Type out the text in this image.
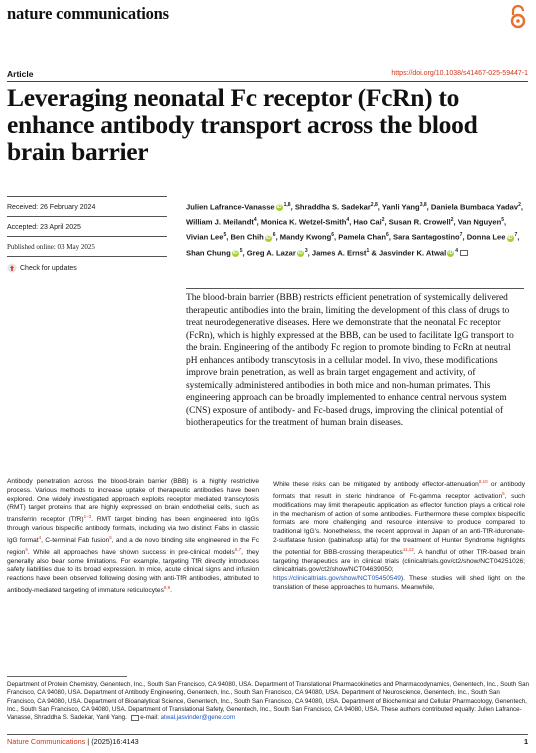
nature communications
Article	https://doi.org/10.1038/s41467-025-59447-1
Leveraging neonatal Fc receptor (FcRn) to enhance antibody transport across the blood brain barrier
Received: 26 February 2024
Accepted: 23 April 2025
Published online: 03 May 2025
Check for updates
Julien Lafrance-Vanasse iD $^{1,8}$, Shraddha S. Sadekar$^{2,8}$, Yanli Yang$^{3,8}$, Daniela Bumbaca Yadav$^2$, William J. Meilandt$^4$, Monica K. Wetzel-Smith$^4$, Hao Cai$^2$, Susan R. Crowell$^2$, Van Nguyen$^5$, Vivian Lee$^5$, Ben Chih iD $^6$, Mandy Kwong$^6$, Pamela Chan$^6$, Sara Santagostino$^7$, Donna Lee iD $^7$, Shan Chung iD $^5$, Greg A. Lazar iD $^3$, James A. Ernst$^1$ & Jasvinder K. Atwal iD $^4$

The blood-brain barrier (BBB) restricts efficient penetration of systemically delivered therapeutic antibodies into the brain, limiting the development of this class of drugs to treat neurodegenerative diseases. Here we demonstrate that the neonatal Fc receptor (FcRn), which is highly expressed at the BBB, can be used to facilitate IgG transport to the brain. Engineering of the antibody Fc region to promote binding to FcRn at neutral pH enhances antibody transcytosis in a cellular model. In vivo, these modifications improve brain penetration, as well as brain target engagement and activity, of systemically administered antibodies in both mice and non-human primates. This engineering approach can be broadly implemented to enhance central nervous system (CNS) exposure of antibody- and Fc-based drugs, improving the clinical potential of biotherapeutics for the treatment of human brain diseases.

Antibody penetration across the blood-brain barrier (BBB) is a highly restrictive process. Various methods to increase uptake of therapeutic antibodies have been explored. One widely investigated approach exploits receptor mediated transcytosis (RMT) target proteins that are highly expressed on brain endothelial cells, such as transferrin receptor (TfR)$^{1-3}$. RMT target binding has been engineered into IgGs through various bispecific antibody formats, including via two distinct Fabs in classic IgG format$^4$, C-terminal Fab fusion$^5$, and a de novo binding site engineered in the Fc region$^6$. While all approaches have shown success in pre-clinical models$^{6,7}$, they generally also bear some limitations. For example, targeting TfR directly introduces safety liabilities due to its broad expression. In mice, acute clinical signs and infusion reactions have been observed following dosing with anti-TfR antibodies, attributed to antibody-mediated targeting of immature reticulocytes$^{8,9}$.
While these risks can be mitigated by antibody effector-attenuation$^{8,10}$ or antibody formats that result in steric hindrance of Fc-gamma receptor activation$^5$, such modifications may limit therapeutic application as effector function plays a critical role in the mechanism of action of some antibodies. Furthermore these complex bispecific formats are more challenging and resource intensive to produce compared to traditional IgG's. Nonetheless, the recent approval in Japan of an anti-TfR-iduronate-2-sulfatase fusion (pabinafusp alfa) for the treatment of Hunter Syndrome highlights the potential for BBB-crossing therapeutics$^{11,12}$. A handful of other TfR-based brain targeting therapeutics are in clinical trials (clinicaltrials.gov/ct2/show/NCT04251026; clinicaltrials.gov/ct2/show/NCT04639050; https://clinicaltrials.gov/show/NCT05450549). These studies will shed light on the translation of these approaches to humans. Meanwhile,
Department of Protein Chemistry, Genentech, Inc., South San Francisco, CA 94080, USA. Department of Translational Pharmacokinetics and Pharmacodynamics, Genentech, Inc., South San Francisco, CA 94080, USA. Department of Antibody Engineering, Genentech, Inc., South San Francisco, CA 94080, USA. Department of Neuroscience, Genentech, Inc., South San Francisco, CA 94080, USA. Department of Bioanalytical Science, Genentech, Inc., South San Francisco, CA 94080, USA. Department of Biochemical and Cellular Pharmacology, Genentech, Inc., South San Francisco, CA 94080, USA. Department of Translational Safety, Genentech, Inc., South San Francisco, CA 94080, USA. These authors contributed equally: Julien Lafrance-Vanasse, Shraddha S. Sadekar, Yanli Yang. e-mail: atwal.jasvinder@gene.com
Nature Communications | (2025)16:4143	1
